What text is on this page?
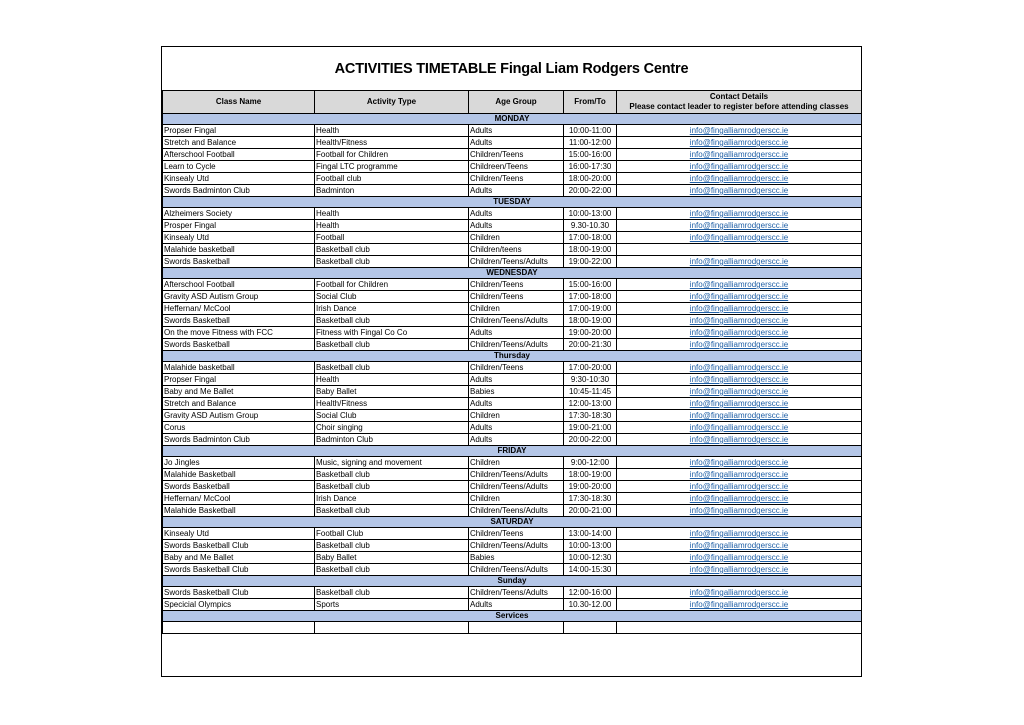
ACTIVITIES TIMETABLE Fingal Liam Rodgers Centre
Class Name	Activity Type	Age Group	From/To	Contact Details
Please contact leader to register before attending classes

MONDAY				
Propser Fingal	Health	Adults	10:00-11:00	info@fingalliamrodgerscc.ie
Stretch and Balance	Health/Fitness	Adults	11:00-12:00	info@fingalliamrodgerscc.ie
Afterschool Football	Football for Children	Children/Teens	15:00-16:00	info@fingalliamrodgerscc.ie
Learn to Cycle	Fingal LTC programme	Childreen/Teens	16:00-17:30	info@fingalliamrodgerscc.ie
Kinsealy Utd	Football club	Children/Teens	18:00-20:00	info@fingalliamrodgerscc.ie
Swords Badminton Club	Badminton	Adults	20:00-22:00	info@fingalliamrodgerscc.ie
TUESDAY				
Alzheimers Society	Health	Adults	10:00-13:00	info@fingalliamrodgerscc.ie
Prosper Fingal	Health	Adults	9.30-10.30	info@fingalliamrodgerscc.ie
Kinsealy Utd	Football	Children	17:00-18:00	info@fingalliamrodgerscc.ie
Malahide basketball	Basketball club	Children/teens	18:00-19:00	
Swords Basketball	Basketball club	Children/Teens/Adults	19:00-22:00	info@fingalliamrodgerscc.ie
WEDNESDAY				
Afterschool Football	Football for Children	Children/Teens	15:00-16:00	info@fingalliamrodgerscc.ie
Gravity ASD Autism Group	Social Club	Children/Teens	17:00-18:00	info@fingalliamrodgerscc.ie
Heffernan/ McCool	Irish Dance	Children	17:00-19:00	info@fingalliamrodgerscc.ie
Swords Basketball	Basketball club	Children/Teens/Adults	18:00-19:00	info@fingalliamrodgerscc.ie
On the move Fitness with FCC	Fitness with Fingal Co Co	Adults	19:00-20:00	info@fingalliamrodgerscc.ie
Swords Basketball	Basketball club	Children/Teens/Adults	20:00-21:30	info@fingalliamrodgerscc.ie
Thursday				
Malahide basketball	Basketball club	Children/Teens	17:00-20:00	info@fingalliamrodgerscc.ie
Propser Fingal	Health	Adults	9:30-10:30	info@fingalliamrodgerscc.ie
Baby and Me Ballet	Baby Ballet	Babies	10:45-11:45	info@fingalliamrodgerscc.ie
Stretch and Balance	Health/Fitness	Adults	12:00-13:00	info@fingalliamrodgerscc.ie
Gravity ASD Autism Group	Social Club	Children	17:30-18:30	info@fingalliamrodgerscc.ie
Corus	Choir singing	Adults	19:00-21:00	info@fingalliamrodgerscc.ie
Swords Badminton Club	Badminton Club	Adults	20:00-22:00	info@fingalliamrodgerscc.ie
FRIDAY				
Jo Jingles	Music, signing and movement	Children	9:00-12:00	info@fingalliamrodgerscc.ie
Malahide Basketball	Basketball club	Children/Teens/Adults	18:00-19:00	info@fingalliamrodgerscc.ie
Swords Basketball	Basketball club	Children/Teens/Adults	19:00-20:00	info@fingalliamrodgerscc.ie
Heffernan/ McCool	Irish Dance	Children	17:30-18:30	info@fingalliamrodgerscc.ie
Malahide Basketball	Basketball club	Children/Teens/Adults	20:00-21:00	info@fingalliamrodgerscc.ie
SATURDAY				
Kinsealy Utd	Football Club	Children/Teens	13:00-14:00	info@fingalliamrodgerscc.ie
Swords Basketball Club	Basketball club	Children/Teens/Adults	10:00-13:00	info@fingalliamrodgerscc.ie
Baby and Me Ballet	Baby Ballet	Babies	10:00-12:30	info@fingalliamrodgerscc.ie
Swords Basketball Club	Basketball club	Children/Teens/Adults	14:00-15:30	info@fingalliamrodgerscc.ie
Sunday				
Swords Basketball Club	Basketball club	Children/Teens/Adults	12:00-16:00	info@fingalliamrodgerscc.ie
Specicial Olympics	Sports	Adults	10.30-12.00	info@fingalliamrodgerscc.ie
Services				
